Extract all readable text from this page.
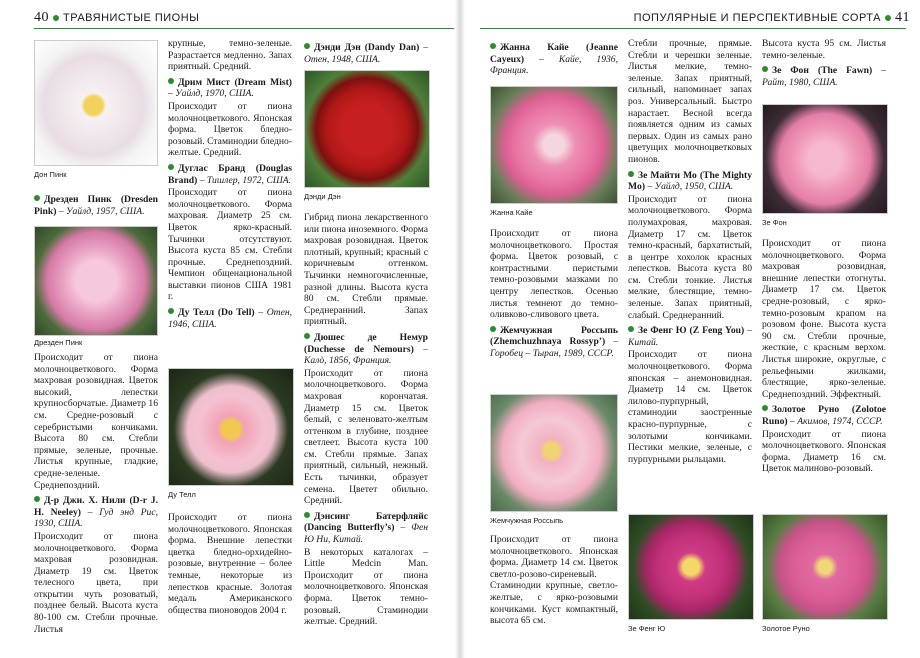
40 ТРАВЯНИСТЫЕ ПИОНЫ
Дон Пинк
Дрезден Пинк (Dresden Pink) – Уайлд, 1957, США.
Дрезден Пинк

Происходит от пиона молочноцветкового. Форма махровая розовидная. Цветок высокий, лепестки крупносборчатые. Диаметр 16 см. Средне-розовый с серебристыми кончиками. Высота 80 см. Стебли прямые, зеленые, прочные. Листья крупные, гладкие, средне-зеленые. Среднепоздний.

Д-р Джи. Х. Нили (D-r J. H. Neeley) – Гуд энд Рис, 1930, США.

Происходит от пиона молочноцветкового. Форма махровая розовидная. Диаметр 19 см. Цветок телесного цвета, при открытии чуть розоватый, позднее белый. Высота куста 80-100 см. Стебли прочные. Листья

крупные, темно-зеленые. Разрастается медленно. Запах приятный. Средний.

Дрим Мист (Dream Mist) – Уайлд, 1970, США.

Происходит от пиона молочноцветкового. Японская форма. Цветок бледно-розовый. Стаминодии бледно-желтые. Средний.

Дуглас Бранд (Douglas Brand) – Тишлер, 1972, США.

Происходит от пиона молочноцветкового. Форма махровая. Диаметр 25 см. Цветок ярко-красный. Тычинки отсутствуют. Высота куста 85 см. Стебли прочные. Среднепоздний. Чемпион общенациональной выставки пионов США 1981 г.

Ду Телл (Do Tell) – Отен, 1946, США.
Ду Телл

Происходит от пиона молочноцветкового. Японская форма. Внешние лепестки цветка бледно-орхидейно-розовые, внутренние – более темные, некоторые из лепестков красные. Золотая медаль Американского общества пионоводов 2004 г.

Дэнди Дэн (Dandy Dan) – Отен, 1948, США.
Дэнди Дэн

Гибрид пиона лекарственного или пиона иноземного. Форма махровая розовидная. Цветок плотный, крупный; красный с коричневым оттенком. Тычинки немногочисленные, разной длины. Высота куста 80 см. Стебли прямые. Среднеранний. Запах приятный.

Дюшес де Немур (Duchesse de Nemours) – Калò, 1856, Франция.

Происходит от пиона молочноцветкового. Форма махровая корончатая. Диаметр 15 см. Цветок белый, с зеленовато-желтым оттенком в глубине, позднее светлеет. Высота куста 100 см. Стебли прямые. Запах приятный, сильный, нежный. Есть тычинки, образует семена. Цветет обильно. Средний.

Дэнсинг Батерфляйс (Dancing Butterfly’s) – Фен Ю Ни, Китай.

В некоторых каталогах – Little Medcin Man. Происходит от пиона молочноцветкового. Японская форма. Цветок темно-розовый. Стаминодии желтые. Средний.

ПОПУЛЯРНЫЕ И ПЕРСПЕКТИВНЫЕ СОРТА 41
Жанна Кайе (Jeanne Cayeux) – Кайе, 1936, Франция.
Жанна Кайе

Происходит от пиона молочноцветкового. Простая форма. Цветок розовый, с контрастными перистыми темно-розовыми мазками по центру лепестков. Осенью листья темнеют до темно-оливково-сливового цвета.

Жемчужная Россыпь (Zhemchuzhnaya Rossyp’) – Горобец – Тыран, 1989, СССР.
Жемчужная Россыпь

Происходит от пиона молочноцветкового. Японская форма. Диаметр 14 см. Цветок светло-розово-сиреневый. Стаминодии крупные, светло-желтые, с ярко-розовыми кончиками. Куст компактный, высота 65 см.

Стебли прочные, прямые. Стебли и черешки зеленые. Листья мелкие, темно-зеленые. Запах приятный, сильный, напоминает запах роз. Универсальный. Быстро нарастает. Весной всегда появляется одним из самых первых. Один из самых рано цветущих молочноцветковых пионов.

Зе Майти Мо (The Mighty Mo) – Уайлд, 1950, США.

Происходит от пиона молочноцветкового. Форма полумахровая, махровая. Диаметр 17 см. Цветок темно-красный, бархатистый, в центре хохолок красных лепестков. Высота куста 80 см. Стебли тонкие. Листья мелкие, блестящие, темно-зеленые. Запах приятный, слабый. Среднеранний.

Зе Фенг Ю (Z Feng You) – Китай.

Происходит от пиона молочноцветкового. Форма японская – анемоновидная. Диаметр 14 см. Цветок лилово-пурпурный, стаминодии заостренные красно-пурпурные, с золотыми кончиками. Пестики мелкие, зеленые, с пурпурными рыльцами.

Зе Фенг Ю

Высота куста 95 см. Листья темно-зеленые.

Зе Фон (The Fawn) – Райт, 1980, США.
Зе Фон

Происходит от пиона молочноцветкового. Форма махровая розовидная, внешние лепестки отогнуты. Диаметр 17 см. Цветок средне-розовый, с ярко-темно-розовым крапом на розовом фоне. Высота куста 90 см. Стебли прочные, жесткие, с красным верхом. Листья широкие, округлые, с рельефными жилками, блестящие, ярко-зеленые. Среднепоздний. Эффектный.

Золотое Руно (Zolotoe Runo) – Акимов, 1974, СССР.

Происходит от пиона молочноцветкового. Японская форма. Диаметр 16 см. Цветок малиново-розовый.

Золотое Руно
